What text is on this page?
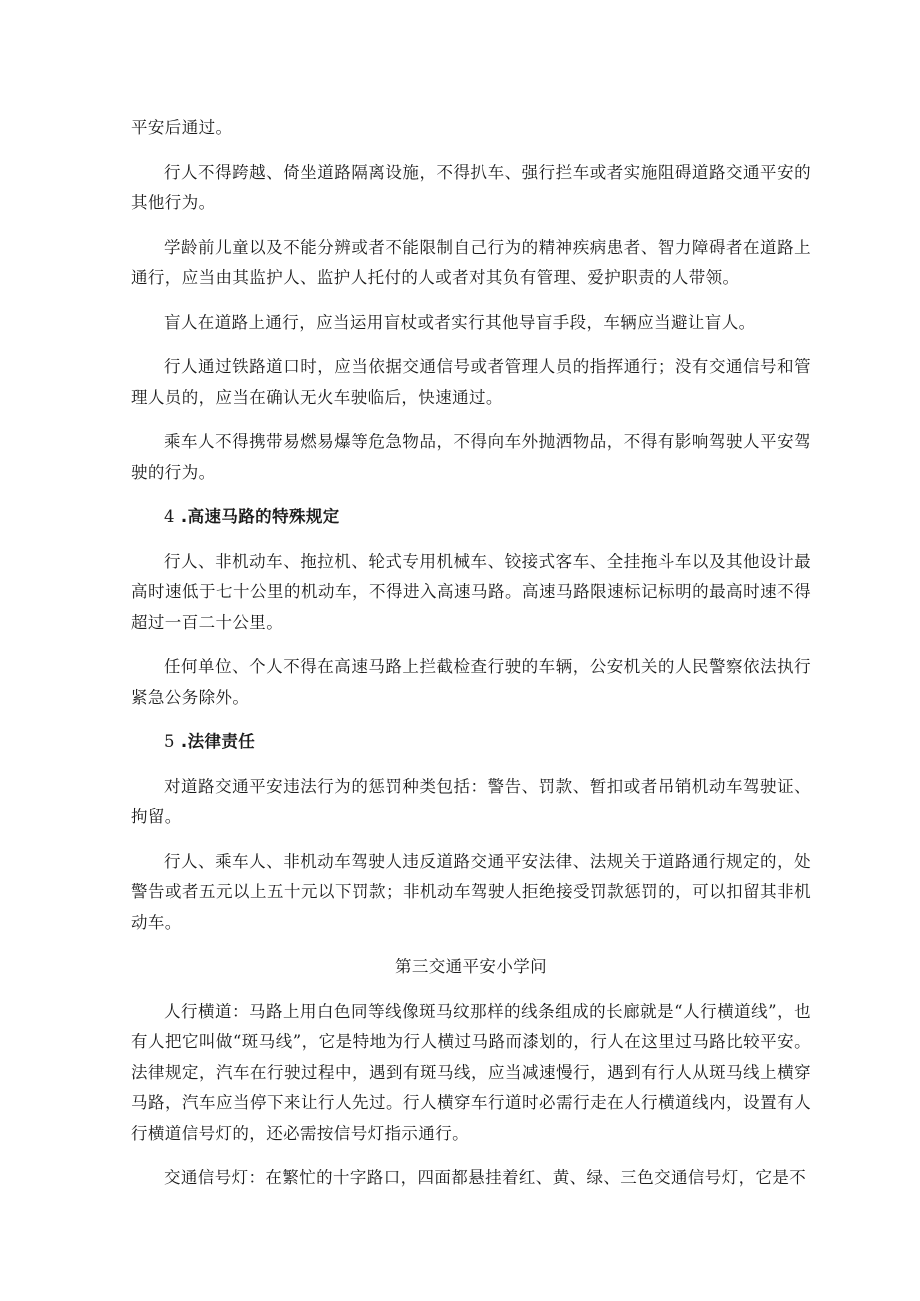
平安后通过。

行人不得跨越、倚坐道路隔离设施，不得扒车、强行拦车或者实施阻碍道路交通平安的其他行为。

学龄前儿童以及不能分辨或者不能限制自己行为的精神疾病患者、智力障碍者在道路上通行，应当由其监护人、监护人托付的人或者对其负有管理、爱护职责的人带领。

盲人在道路上通行，应当运用盲杖或者实行其他导盲手段，车辆应当避让盲人。

行人通过铁路道口时，应当依据交通信号或者管理人员的指挥通行；没有交通信号和管理人员的，应当在确认无火车驶临后，快速通过。

乘车人不得携带易燃易爆等危急物品，不得向车外抛洒物品，不得有影响驾驶人平安驾驶的行为。

4 .高速马路的特殊规定

行人、非机动车、拖拉机、轮式专用机械车、铰接式客车、全挂拖斗车以及其他设计最高时速低于七十公里的机动车，不得进入高速马路。高速马路限速标记标明的最高时速不得超过一百二十公里。

任何单位、个人不得在高速马路上拦截检查行驶的车辆，公安机关的人民警察依法执行紧急公务除外。

5 .法律责任

对道路交通平安违法行为的惩罚种类包括：警告、罚款、暂扣或者吊销机动车驾驶证、拘留。

行人、乘车人、非机动车驾驶人违反道路交通平安法律、法规关于道路通行规定的，处警告或者五元以上五十元以下罚款；非机动车驾驶人拒绝接受罚款惩罚的，可以扣留其非机动车。

第三交通平安小学问

人行横道：马路上用白色同等线像斑马纹那样的线条组成的长廊就是“人行横道线”，也有人把它叫做“斑马线”，它是特地为行人横过马路而漆划的，行人在这里过马路比较平安。法律规定，汽车在行驶过程中，遇到有斑马线，应当减速慢行，遇到有行人从斑马线上横穿马路，汽车应当停下来让行人先过。行人横穿车行道时必需行走在人行横道线内，设置有人行横道信号灯的，还必需按信号灯指示通行。

交通信号灯：在繁忙的十字路口，四面都悬挂着红、黄、绿、三色交通信号灯，它是不
